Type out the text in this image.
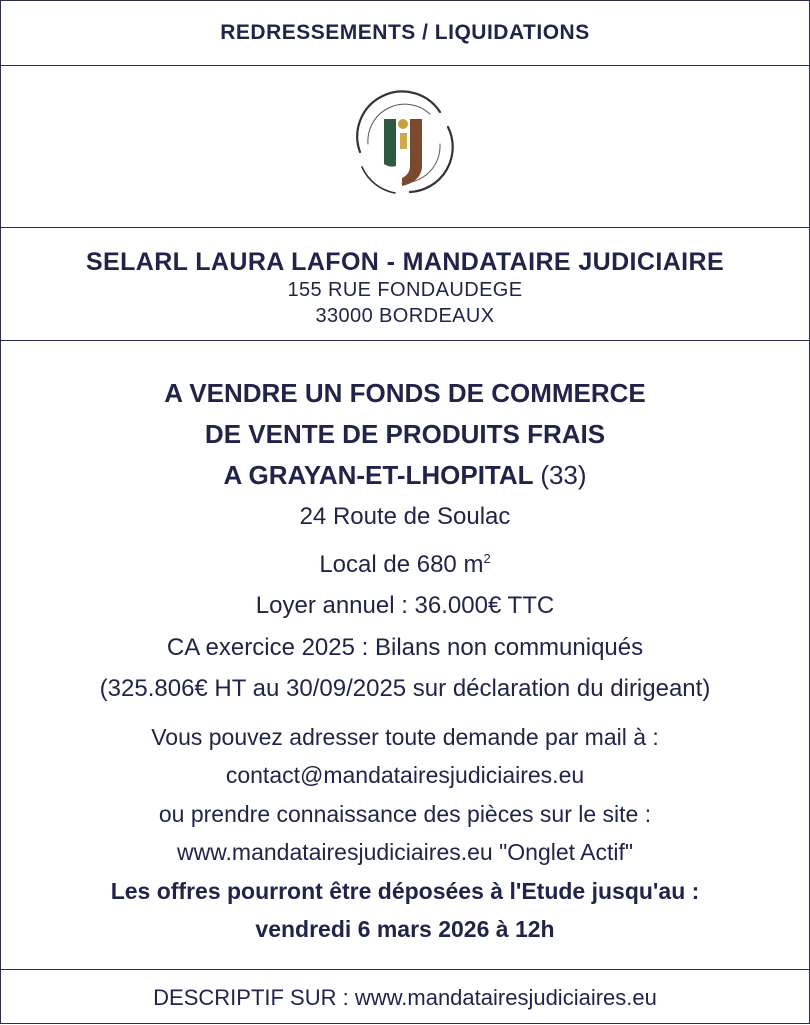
REDRESSEMENTS / LIQUIDATIONS
SELARL LAURA LAFON - MANDATAIRE JUDICIAIRE
155 RUE FONDAUDEGE
33000 BORDEAUX
A VENDRE UN FONDS DE COMMERCE
DE VENTE DE PRODUITS FRAIS
A GRAYAN-ET-LHOPITAL (33)
24 Route de Soulac
Local de 680 $m^2$
Loyer annuel : 36.000€ TTC
CA exercice 2025 : Bilans non communiqués
(325.806€ HT au 30/09/2025 sur déclaration du dirigeant)
Vous pouvez adresser toute demande par mail à :
contact@mandatairesjudiciaires.eu
ou prendre connaissance des pièces sur le site :
www.mandatairesjudiciaires.eu "Onglet Actif"
Les offres pourront être déposées à l'Etude jusqu'au :
vendredi 6 mars 2026 à 12h
DESCRIPTIF SUR : www.mandatairesjudiciaires.eu
